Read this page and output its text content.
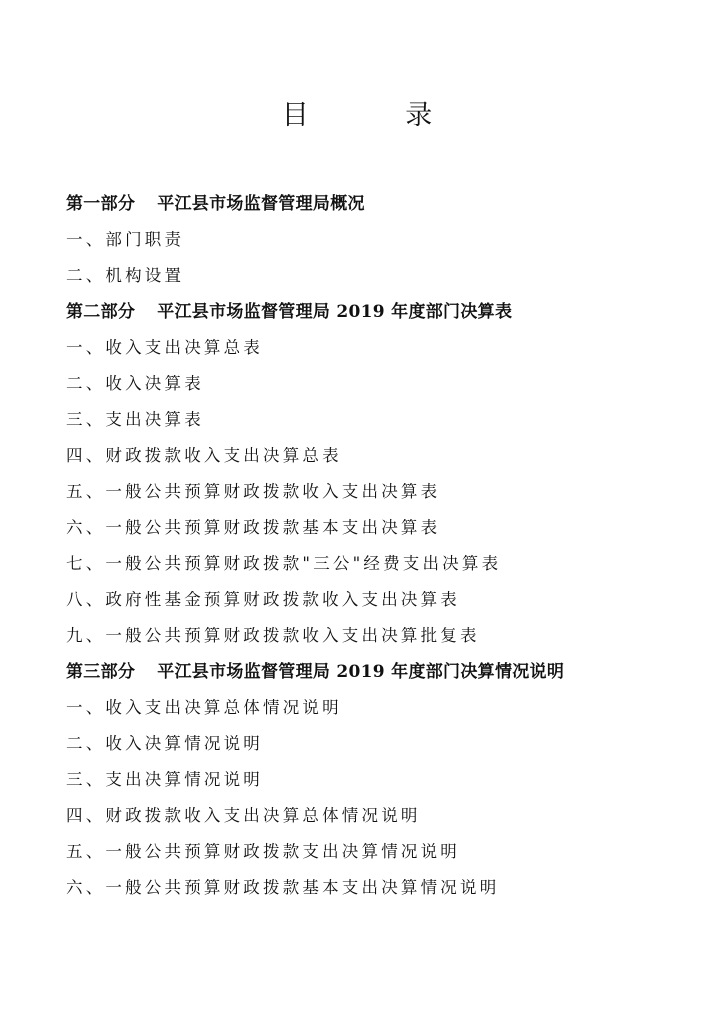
目 录
第一部分 平江县市场监督管理局概况
一、部门职责
二、机构设置
第二部分 平江县市场监督管理局 2019 年度部门决算表
一、收入支出决算总表
二、收入决算表
三、支出决算表
四、财政拨款收入支出决算总表
五、一般公共预算财政拨款收入支出决算表
六、一般公共预算财政拨款基本支出决算表
七、一般公共预算财政拨款"三公"经费支出决算表
八、政府性基金预算财政拨款收入支出决算表
九、一般公共预算财政拨款收入支出决算批复表
第三部分 平江县市场监督管理局 2019 年度部门决算情况说明
一、收入支出决算总体情况说明
二、收入决算情况说明
三、支出决算情况说明
四、财政拨款收入支出决算总体情况说明
五、一般公共预算财政拨款支出决算情况说明
六、一般公共预算财政拨款基本支出决算情况说明
